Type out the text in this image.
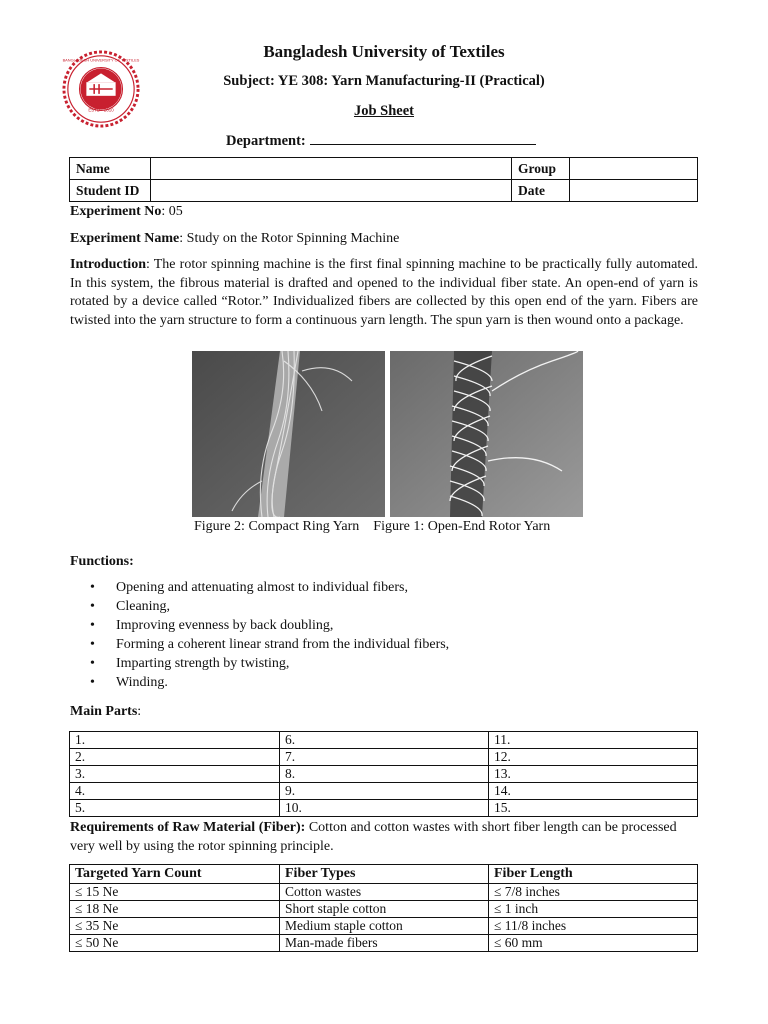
ESTD - 2010
BANGLADESH UNIVERSITY OF TEXTILES	Bangladesh University of Textiles
Subject: YE 308: Yarn Manufacturing-II (Practical)
Job Sheet
Department:
Name		Group	
Student ID		Date	
Experiment No: 05
Experiment Name: Study on the Rotor Spinning Machine
Introduction: The rotor spinning machine is the first final spinning machine to be practically fully automated. In this system, the fibrous material is drafted and opened to the individual fiber state. An open-end of yarn is rotated by a device called “Rotor.” Individualized fibers are collected by this open end of the yarn. Fibers are twisted into the yarn structure to form a continuous yarn length. The spun yarn is then wound onto a package.
Figure 2: Compact Ring Yarn Figure 1: Open-End Rotor Yarn
Functions:
• Opening and attenuating almost to individual fibers,
• Cleaning,
• Improving evenness by back doubling,
• Forming a coherent linear strand from the individual fibers,
• Imparting strength by twisting,
• Winding.
Main Parts:
1.	6.	11.
2.	7.	12.
3.	8.	13.
4.	9.	14.
5.	10.	15.
Requirements of Raw Material (Fiber): Cotton and cotton wastes with short fiber length can be processed very well by using the rotor spinning principle.
Targeted Yarn Count	Fiber Types	Fiber Length
≤ 15 Ne	Cotton wastes	≤ 7/8 inches
≤ 18 Ne	Short staple cotton	≤ 1 inch
≤ 35 Ne	Medium staple cotton	≤ 11/8 inches
≤ 50 Ne	Man-made fibers	≤ 60 mm
